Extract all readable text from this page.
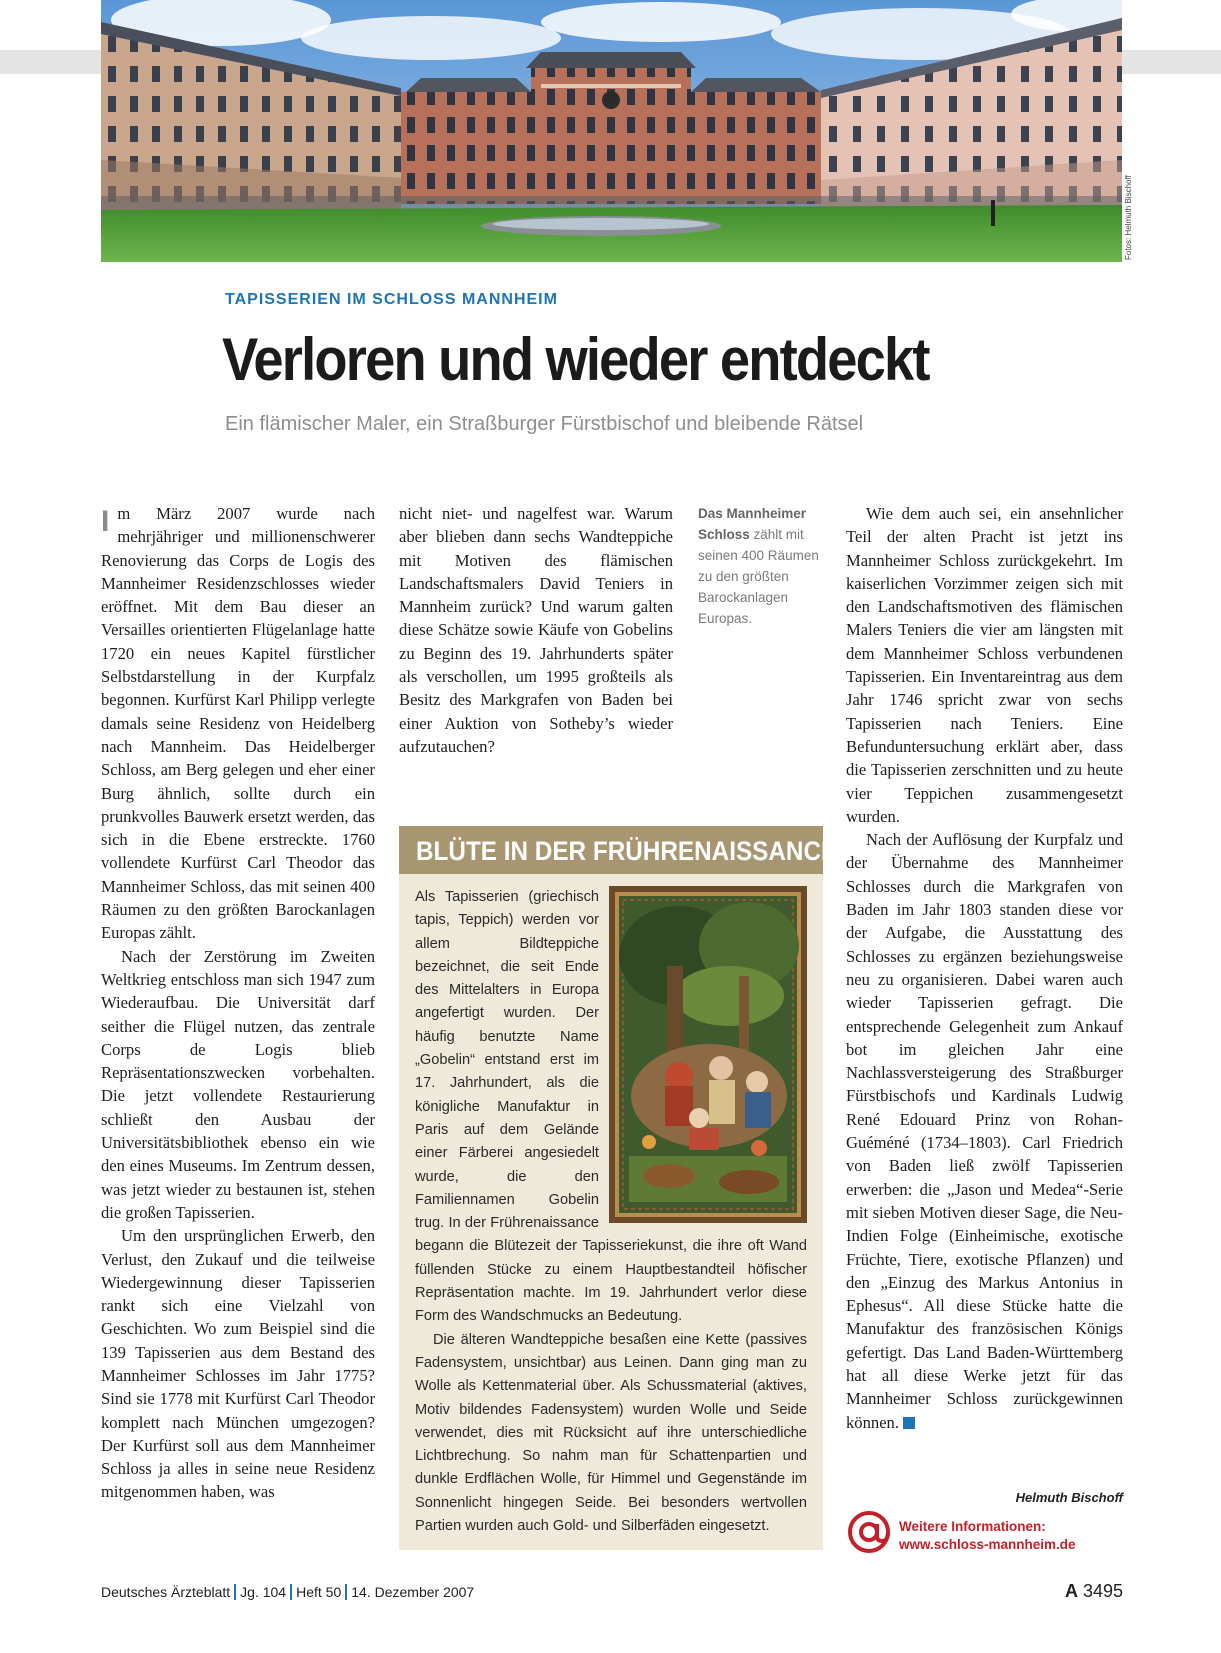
Fotos: Helmuth Bischoff
TAPISSERIEN IM SCHLOSS MANNHEIM
Verloren und wieder entdeckt
Ein flämischer Maler, ein Straßburger Fürstbischof und bleibende Rätsel

Im März 2007 wurde nach mehrjähriger und millionenschwerer Renovierung das Corps de Logis des Mannheimer Residenzschlosses wieder eröffnet. Mit dem Bau dieser an Versailles orientierten Flügelanlage hatte 1720 ein neues Kapitel fürstlicher Selbstdarstellung in der Kurpfalz begonnen. Kurfürst Karl Philipp verlegte damals seine Residenz von Heidelberg nach Mannheim. Das Heidelberger Schloss, am Berg gelegen und eher einer Burg ähnlich, sollte durch ein prunkvolles Bauwerk ersetzt werden, das sich in die Ebene erstreckte. 1760 vollendete Kurfürst Carl Theodor das Mannheimer Schloss, das mit seinen 400 Räumen zu den größten Barockanlagen Europas zählt.

Nach der Zerstörung im Zweiten Weltkrieg entschloss man sich 1947 zum Wiederaufbau. Die Universität darf seither die Flügel nutzen, das zentrale Corps de Logis blieb Repräsentationszwecken vorbehalten. Die jetzt vollendete Restaurierung schließt den Ausbau der Universitätsbibliothek ebenso ein wie den eines Museums. Im Zentrum dessen, was jetzt wieder zu bestaunen ist, stehen die großen Tapisserien.

Um den ursprünglichen Erwerb, den Verlust, den Zukauf und die teilweise Wiedergewinnung dieser Tapisserien rankt sich eine Vielzahl von Geschichten. Wo zum Beispiel sind die 139 Tapisserien aus dem Bestand des Mannheimer Schlosses im Jahr 1775? Sind sie 1778 mit Kurfürst Carl Theodor komplett nach München umgezogen? Der Kurfürst soll aus dem Mannheimer Schloss ja alles in seine neue Residenz mitgenommen haben, was

nicht niet- und nagelfest war. Warum aber blieben dann sechs Wandteppiche mit Motiven des flämischen Landschaftsmalers David Teniers in Mannheim zurück? Und warum galten diese Schätze sowie Käufe von Gobelins zu Beginn des 19. Jahrhunderts später als verschollen, um 1995 großteils als Besitz des Markgrafen von Baden bei einer Auktion von Sotheby’s wieder aufzutauchen?

Das Mannheimer Schloss zählt mit seinen 400 Räumen zu den größten Barockanlagen Europas.
BLÜTE IN DER FRÜHRENAISSANCE

Als Tapisserien (griechisch tapis, Teppich) werden vor allem Bildteppiche bezeichnet, die seit Ende des Mittelalters in Europa angefertigt wurden. Der häufig benutzte Name „Gobelin“ entstand erst im 17. Jahrhundert, als die königliche Manufaktur in Paris auf dem Gelände einer Färberei angesiedelt wurde, die den Familiennamen Gobelin trug. In der Frührenaissance begann die Blütezeit der Tapisseriekunst, die ihre oft Wand füllenden Stücke zu einem Hauptbestandteil höfischer Repräsentation machte. Im 19. Jahrhundert verlor diese Form des Wandschmucks an Bedeutung.

Die älteren Wandteppiche besaßen eine Kette (passives Fadensystem, unsichtbar) aus Leinen. Dann ging man zu Wolle als Kettenmaterial über. Als Schussmaterial (aktives, Motiv bildendes Fadensystem) wurden Wolle und Seide verwendet, dies mit Rücksicht auf ihre unterschiedliche Lichtbrechung. So nahm man für Schattenpartien und dunkle Erdflächen Wolle, für Himmel und Gegenstände im Sonnenlicht hingegen Seide. Bei besonders wertvollen Partien wurden auch Gold- und Silberfäden eingesetzt.

Wie dem auch sei, ein ansehnlicher Teil der alten Pracht ist jetzt ins Mannheimer Schloss zurückgekehrt. Im kaiserlichen Vorzimmer zeigen sich mit den Landschaftsmotiven des flämischen Malers Teniers die vier am längsten mit dem Mannheimer Schloss verbundenen Tapisserien. Ein Inventareintrag aus dem Jahr 1746 spricht zwar von sechs Tapisserien nach Teniers. Eine Befunduntersuchung erklärt aber, dass die Tapisserien zerschnitten und zu heute vier Teppichen zusammengesetzt wurden.

Nach der Auflösung der Kurpfalz und der Übernahme des Mannheimer Schlosses durch die Markgrafen von Baden im Jahr 1803 standen diese vor der Aufgabe, die Ausstattung des Schlosses zu ergänzen beziehungsweise neu zu organisieren. Dabei waren auch wieder Tapisserien gefragt. Die entsprechende Gelegenheit zum Ankauf bot im gleichen Jahr eine Nachlassversteigerung des Straßburger Fürstbischofs und Kardinals Ludwig René Edouard Prinz von Rohan-Guéméné (1734–1803). Carl Friedrich von Baden ließ zwölf Tapisserien erwerben: die „Jason und Medea“-Serie mit sieben Motiven dieser Sage, die Neu-Indien Folge (Einheimische, exotische Früchte, Tiere, exotische Pflanzen) und den „Einzug des Markus Antonius in Ephesus“. All diese Stücke hatte die Manufaktur des französischen Königs gefertigt. Das Land Baden-Württemberg hat all diese Werke jetzt für das Mannheimer Schloss zurückgewinnen können.

Helmuth Bischoff
Weitere Informationen:
www.schloss-mannheim.de
Deutsches Ärzteblatt Jg. 104 Heft 50 14. Dezember 2007	A 3495
